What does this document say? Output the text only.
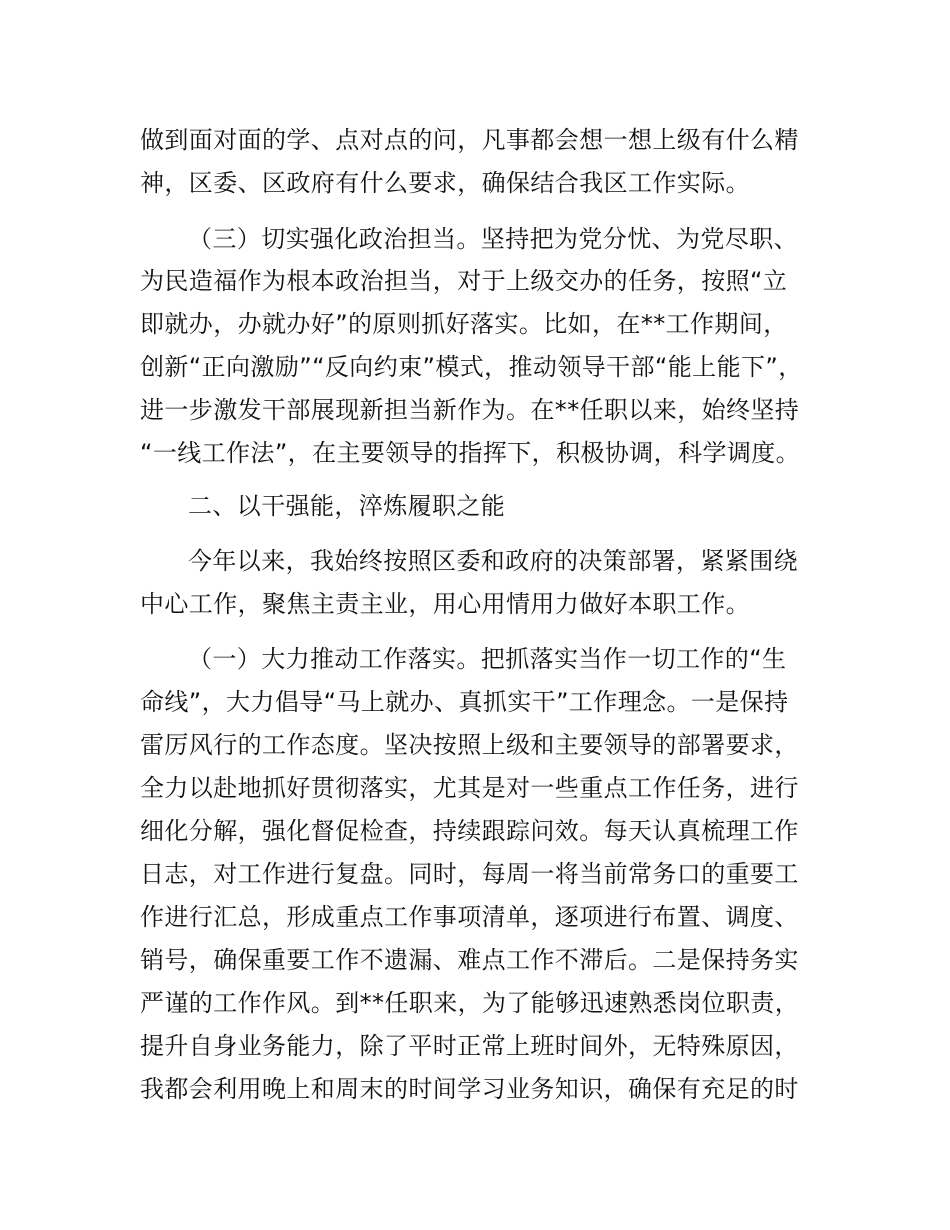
做到面对面的学、点对点的问，凡事都会想一想上级有什么精
神，区委、区政府有什么要求，确保结合我区工作实际。
（三）切实强化政治担当。坚持把为党分忧、为党尽职、
为民造福作为根本政治担当，对于上级交办的任务，按照“立
即就办，办就办好”的原则抓好落实。比如，在**工作期间，
创新“正向激励”“反向约束”模式，推动领导干部“能上能下”，
进一步激发干部展现新担当新作为。在**任职以来，始终坚持
“一线工作法”，在主要领导的指挥下，积极协调，科学调度。
二、以干强能，淬炼履职之能
今年以来，我始终按照区委和政府的决策部署，紧紧围绕
中心工作，聚焦主责主业，用心用情用力做好本职工作。
（一）大力推动工作落实。把抓落实当作一切工作的“生
命线”，大力倡导“马上就办、真抓实干”工作理念。一是保持
雷厉风行的工作态度。坚决按照上级和主要领导的部署要求，
全力以赴地抓好贯彻落实，尤其是对一些重点工作任务，进行
细化分解，强化督促检查，持续跟踪问效。每天认真梳理工作
日志，对工作进行复盘。同时，每周一将当前常务口的重要工
作进行汇总，形成重点工作事项清单，逐项进行布置、调度、
销号，确保重要工作不遗漏、难点工作不滞后。二是保持务实
严谨的工作作风。到**任职来，为了能够迅速熟悉岗位职责，
提升自身业务能力，除了平时正常上班时间外，无特殊原因，
我都会利用晚上和周末的时间学习业务知识，确保有充足的时
